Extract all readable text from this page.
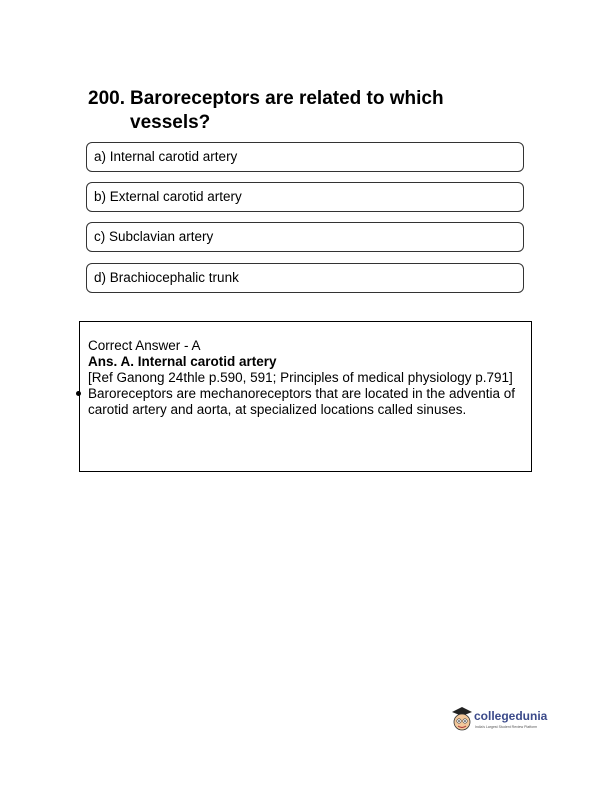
200. Baroreceptors are related to which vessels?
a) Internal carotid artery
b) External carotid artery
c) Subclavian artery
d) Brachiocephalic trunk
Correct Answer - A
Ans. A. Internal carotid artery
[Ref Ganong 24thle p.590, 591; Principles of medical physiology p.791]
Baroreceptors are mechanoreceptors that are located in the adventia of carotid artery and aorta, at specialized locations called sinuses.
collegedunia
India's Largest Student Review Platform
